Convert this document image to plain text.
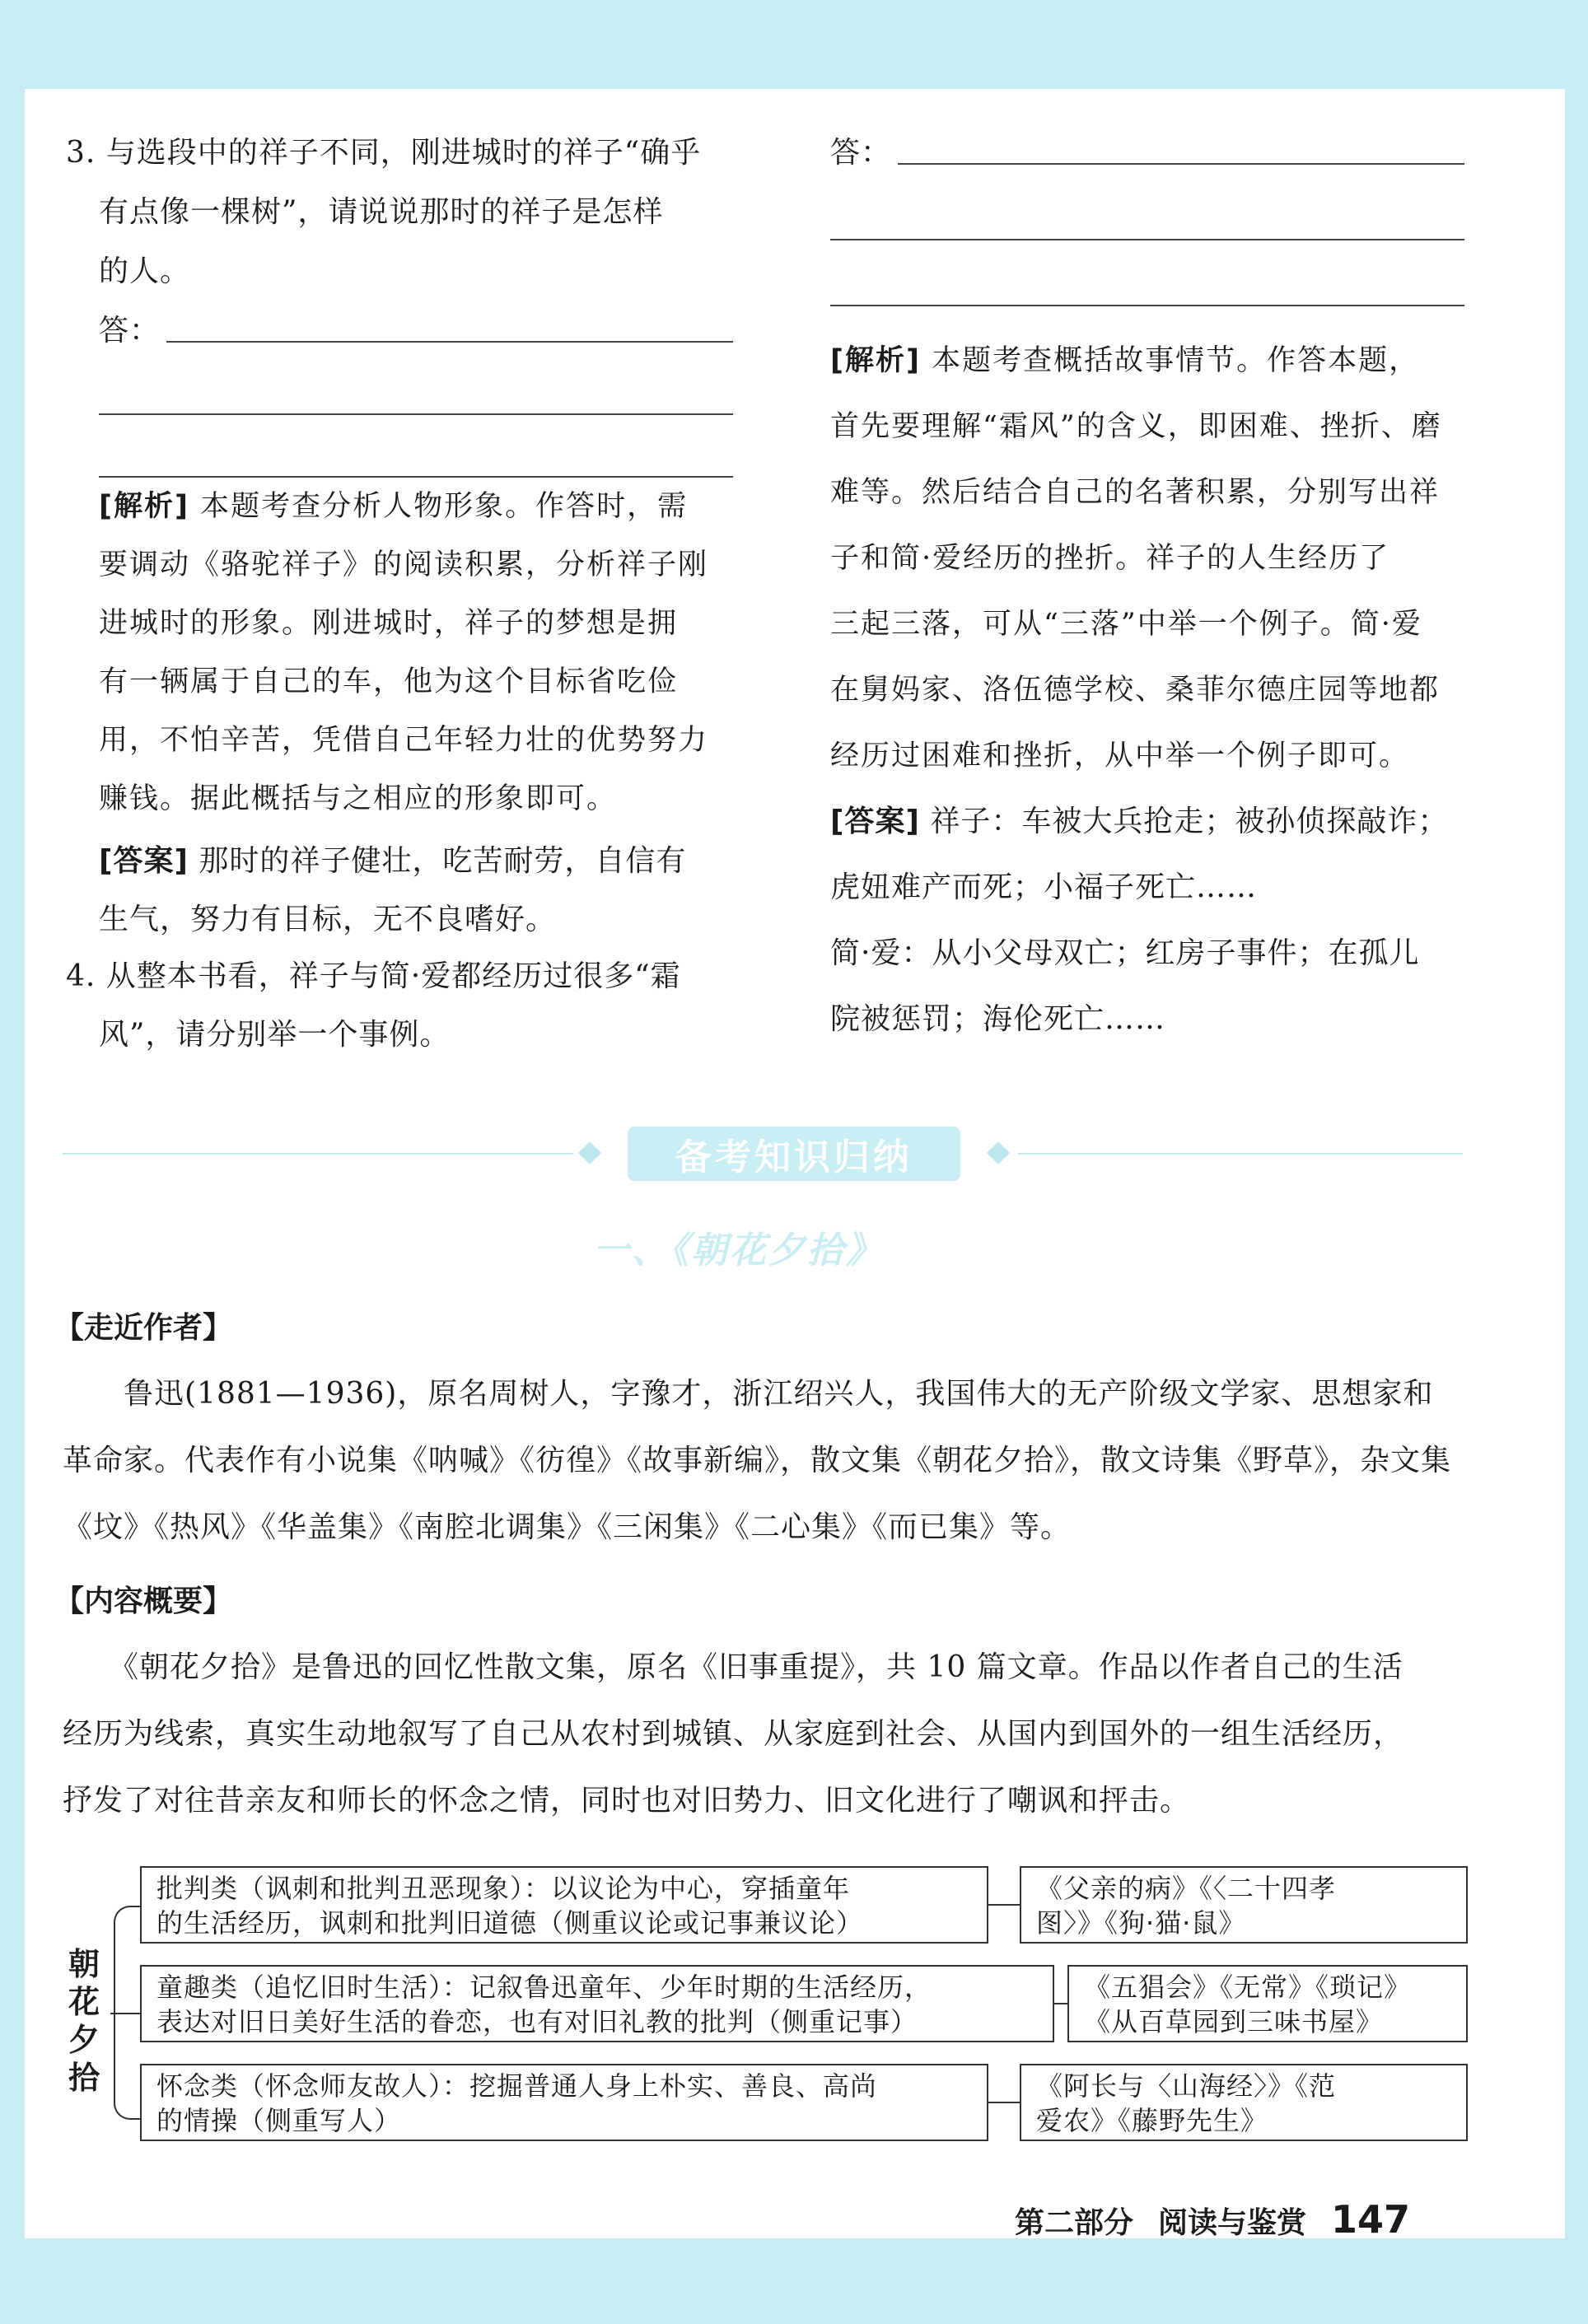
3. 与选段中的祥子不同，刚进城时的祥子“确乎
有点像一棵树”，请说说那时的祥子是怎样
的人。
答：
[解析] 本题考查分析人物形象。作答时，需
要调动《骆驼祥子》的阅读积累，分析祥子刚
进城时的形象。刚进城时，祥子的梦想是拥
有一辆属于自己的车，他为这个目标省吃俭
用，不怕辛苦，凭借自己年轻力壮的优势努力
赚钱。据此概括与之相应的形象即可。
[答案] 那时的祥子健壮，吃苦耐劳，自信有
生气，努力有目标，无不良嗜好。
4. 从整本书看，祥子与简·爱都经历过很多“霜
风”，请分别举一个事例。
答：
[解析] 本题考查概括故事情节。作答本题，
首先要理解“霜风”的含义，即困难、挫折、磨
难等。然后结合自己的名著积累，分别写出祥
子和简·爱经历的挫折。祥子的人生经历了
三起三落，可从“三落”中举一个例子。简·爱
在舅妈家、洛伍德学校、桑菲尔德庄园等地都
经历过困难和挫折，从中举一个例子即可。
[答案] 祥子：车被大兵抢走；被孙侦探敲诈；
虎妞难产而死；小福子死亡……
简·爱：从小父母双亡；红房子事件；在孤儿
院被惩罚；海伦死亡……
备考知识归纳
一、《朝花夕拾》
【走近作者】
　　鲁迅(1881—1936)，原名周树人，字豫才，浙江绍兴人，我国伟大的无产阶级文学家、思想家和
革命家。代表作有小说集《呐喊》《彷徨》《故事新编》，散文集《朝花夕拾》，散文诗集《野草》，杂文集
《坟》《热风》《华盖集》《南腔北调集》《三闲集》《二心集》《而已集》等。
【内容概要】
　　《朝花夕拾》是鲁迅的回忆性散文集，原名《旧事重提》，共 10 篇文章。作品以作者自己的生活
经历为线索，真实生动地叙写了自己从农村到城镇、从家庭到社会、从国内到国外的一组生活经历，
抒发了对往昔亲友和师长的怀念之情，同时也对旧势力、旧文化进行了嘲讽和抨击。
朝
花
夕
拾
批判类（讽刺和批判丑恶现象）：以议论为中心，穿插童年
的生活经历，讽刺和批判旧道德（侧重议论或记事兼议论）
《父亲的病》《〈二十四孝
图〉》《狗·猫·鼠》
童趣类（追忆旧时生活）：记叙鲁迅童年、少年时期的生活经历，
表达对旧日美好生活的眷恋，也有对旧礼教的批判（侧重记事）
《五猖会》《无常》《琐记》
《从百草园到三味书屋》
怀念类（怀念师友故人）：挖掘普通人身上朴实、善良、高尚
的情操（侧重写人）
《阿长与〈山海经〉》《范
爱农》《藤野先生》
第二部分 阅读与鉴赏 147
